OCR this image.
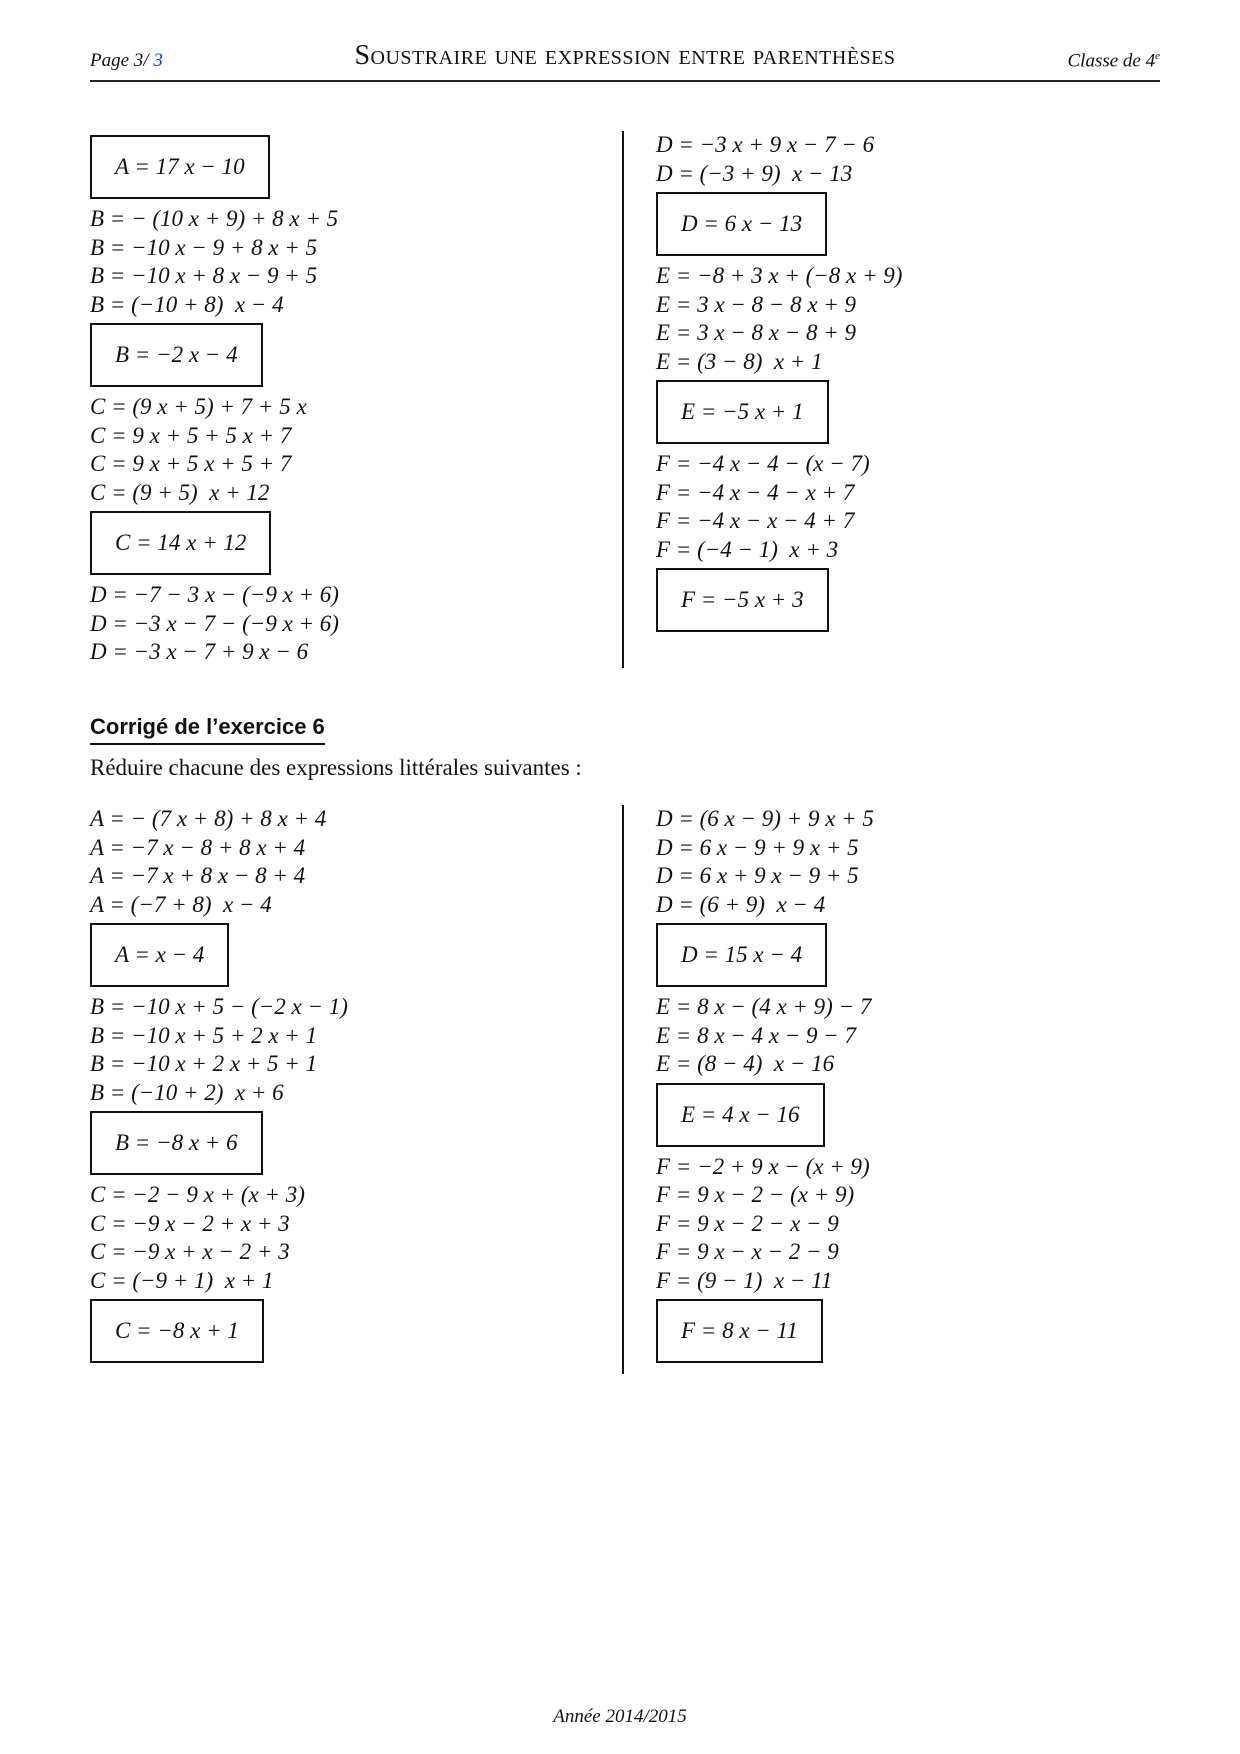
Page 3/ 3	Soustraire une expression entre parenthèses	Classe de 4e
A = 17 x − 10
B = − (10 x + 9) + 8 x + 5
B = −10 x − 9 + 8 x + 5
B = −10 x + 8 x − 9 + 5
B = (−10 + 8)  x − 4
B = −2 x − 4
C = (9 x + 5) + 7 + 5 x
C = 9 x + 5 + 5 x + 7
C = 9 x + 5 x + 5 + 7
C = (9 + 5)  x + 12
C = 14 x + 12
D = −7 − 3 x − (−9 x + 6)
D = −3 x − 7 − (−9 x + 6)
D = −3 x − 7 + 9 x − 6
D = −3 x + 9 x − 7 − 6
D = (−3 + 9)  x − 13
D = 6 x − 13
E = −8 + 3 x + (−8 x + 9)
E = 3 x − 8 − 8 x + 9
E = 3 x − 8 x − 8 + 9
E = (3 − 8)  x + 1
E = −5 x + 1
F = −4 x − 4 − (x − 7)
F = −4 x − 4 − x + 7
F = −4 x − x − 4 + 7
F = (−4 − 1)  x + 3
F = −5 x + 3
Corrigé de l’exercice 6
Réduire chacune des expressions littérales suivantes :
A = − (7 x + 8) + 8 x + 4
A = −7 x − 8 + 8 x + 4
A = −7 x + 8 x − 8 + 4
A = (−7 + 8)  x − 4
A = x − 4
B = −10 x + 5 − (−2 x − 1)
B = −10 x + 5 + 2 x + 1
B = −10 x + 2 x + 5 + 1
B = (−10 + 2)  x + 6
B = −8 x + 6
C = −2 − 9 x + (x + 3)
C = −9 x − 2 + x + 3
C = −9 x + x − 2 + 3
C = (−9 + 1)  x + 1
C = −8 x + 1
D = (6 x − 9) + 9 x + 5
D = 6 x − 9 + 9 x + 5
D = 6 x + 9 x − 9 + 5
D = (6 + 9)  x − 4
D = 15 x − 4
E = 8 x − (4 x + 9) − 7
E = 8 x − 4 x − 9 − 7
E = (8 − 4)  x − 16
E = 4 x − 16
F = −2 + 9 x − (x + 9)
F = 9 x − 2 − (x + 9)
F = 9 x − 2 − x − 9
F = 9 x − x − 2 − 9
F = (9 − 1)  x − 11
F = 8 x − 11
Année 2014/2015
